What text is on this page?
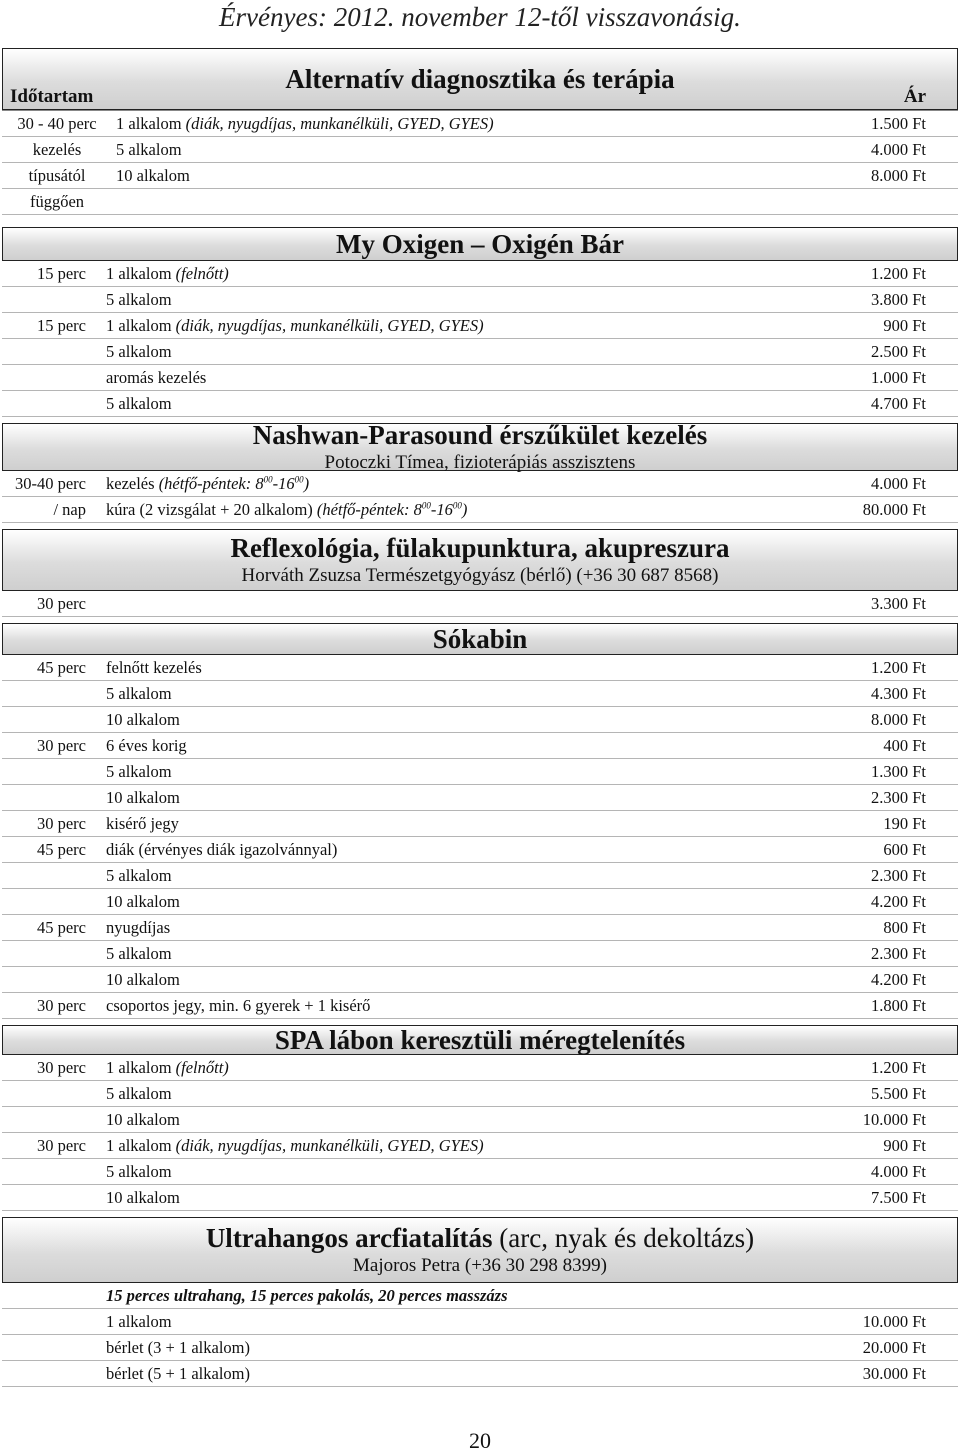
Érvényes: 2012. november 12-től visszavonásig.
Alternatív diagnosztika és terápia
Időtartam	Ár
30 - 40 perc	1 alkalom (diák, nyugdíjas, munkanélküli, GYED, GYES)	1.500 Ft
kezelés	5 alkalom	4.000 Ft
típusától	10 alkalom	8.000 Ft
függően
My Oxigen – Oxigén Bár
15 perc	1 alkalom (felnőtt)	1.200 Ft
5 alkalom	3.800 Ft
15 perc	1 alkalom (diák, nyugdíjas, munkanélküli, GYED, GYES)	900 Ft
5 alkalom	2.500 Ft
aromás kezelés	1.000 Ft
5 alkalom	4.700 Ft
Nashwan-Parasound érszűkület kezelés
Potoczki Tímea, fizioterápiás asszisztens
30-40 perc	kezelés (hétfő-péntek: $8^{00}-16^{00}$)	4.000 Ft
/ nap	kúra (2 vizsgálat + 20 alkalom) (hétfő-péntek: $8^{00}-16^{00}$)	80.000 Ft
Reflexológia, fülakupunktura, akupreszura
Horváth Zsuzsa Természetgyógyász (bérlő) (+36 30 687 8568)
30 perc	3.300 Ft
Sókabin
45 perc	felnőtt kezelés	1.200 Ft
5 alkalom	4.300 Ft
10 alkalom	8.000 Ft
30 perc	6 éves korig	400 Ft
5 alkalom	1.300 Ft
10 alkalom	2.300 Ft
30 perc	kisérő jegy	190 Ft
45 perc	diák (érvényes diák igazolvánnyal)	600 Ft
5 alkalom	2.300 Ft
10 alkalom	4.200 Ft
45 perc	nyugdíjas	800 Ft
5 alkalom	2.300 Ft
10 alkalom	4.200 Ft
30 perc	csoportos jegy, min. 6 gyerek + 1 kisérő	1.800 Ft
SPA lábon keresztüli méregtelenítés
30 perc	1 alkalom (felnőtt)	1.200 Ft
5 alkalom	5.500 Ft
10 alkalom	10.000 Ft
30 perc	1 alkalom (diák, nyugdíjas, munkanélküli, GYED, GYES)	900 Ft
5 alkalom	4.000 Ft
10 alkalom	7.500 Ft
Ultrahangos arcfiatalítás (arc, nyak és dekoltázs)
Majoros Petra (+36 30 298 8399)
15 perces ultrahang, 15 perces pakolás, 20 perces masszázs
1 alkalom	10.000 Ft
bérlet (3 + 1 alkalom)	20.000 Ft
bérlet (5 + 1 alkalom)	30.000 Ft
20
